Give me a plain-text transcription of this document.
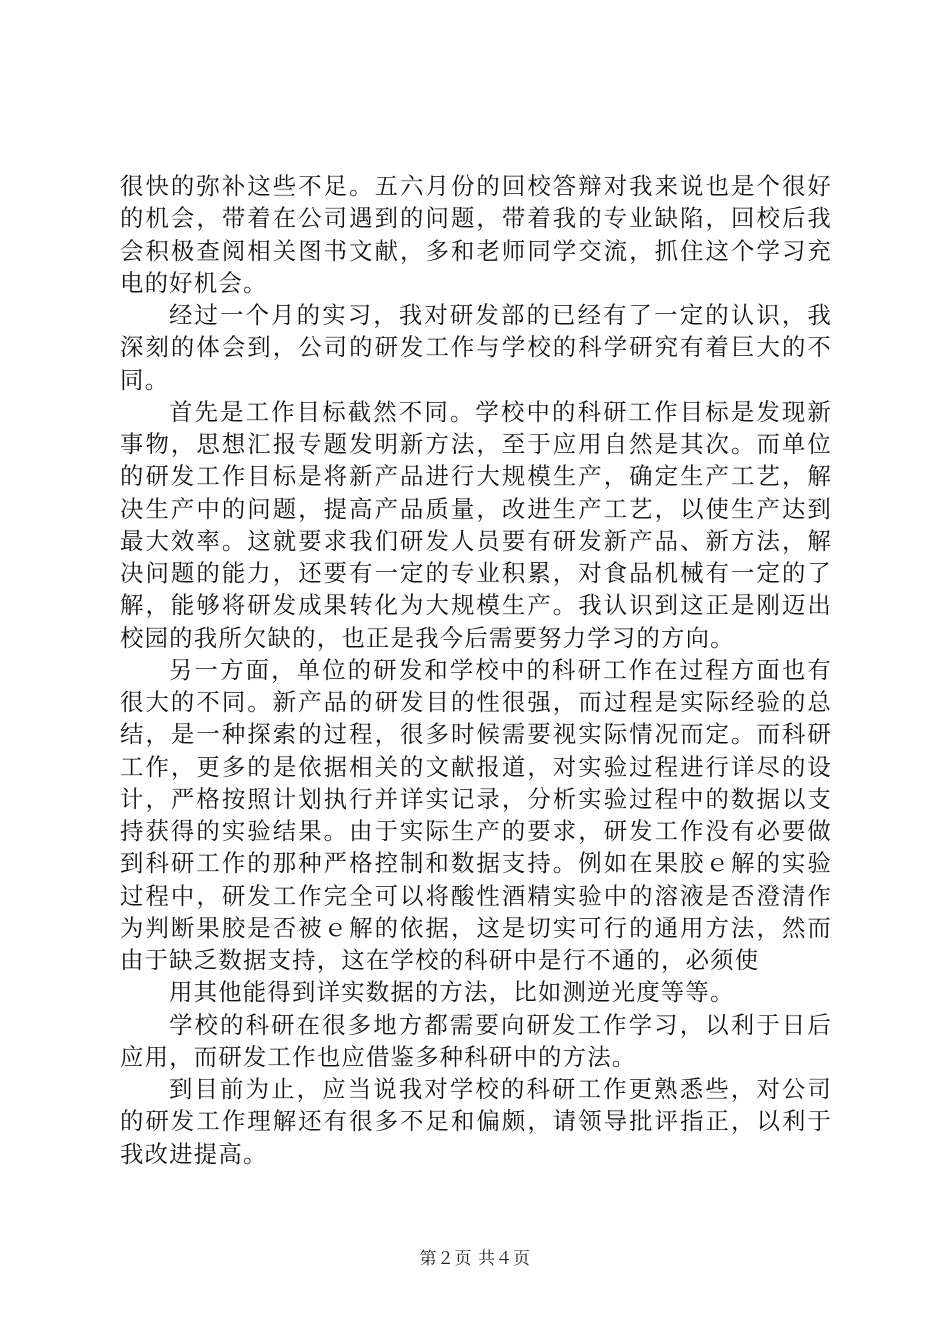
很快的弥补这些不足。五六月份的回校答辩对我来说也是个很好的机会，带着在公司遇到的问题，带着我的专业缺陷，回校后我会积极查阅相关图书文献，多和老师同学交流，抓住这个学习充电的好机会。

经过一个月的实习，我对研发部的已经有了一定的认识，我深刻的体会到，公司的研发工作与学校的科学研究有着巨大的不同。

首先是工作目标截然不同。学校中的科研工作目标是发现新事物，思想汇报专题发明新方法，至于应用自然是其次。而单位的研发工作目标是将新产品进行大规模生产，确定生产工艺，解决生产中的问题，提高产品质量，改进生产工艺，以使生产达到最大效率。这就要求我们研发人员要有研发新产品、新方法，解决问题的能力，还要有一定的专业积累，对食品机械有一定的了解，能够将研发成果转化为大规模生产。我认识到这正是刚迈出校园的我所欠缺的，也正是我今后需要努力学习的方向。

另一方面，单位的研发和学校中的科研工作在过程方面也有很大的不同。新产品的研发目的性很强，而过程是实际经验的总结，是一种探索的过程，很多时候需要视实际情况而定。而科研工作，更多的是依据相关的文献报道，对实验过程进行详尽的设计，严格按照计划执行并详实记录，分析实验过程中的数据以支持获得的实验结果。由于实际生产的要求，研发工作没有必要做到科研工作的那种严格控制和数据支持。例如在果胶ｅ解的实验过程中，研发工作完全可以将酸性酒精实验中的溶液是否澄清作为判断果胶是否被ｅ解的依据，这是切实可行的通用方法，然而由于缺乏数据支持，这在学校的科研中是行不通的，必须使

用其他能得到详实数据的方法，比如测逆光度等等。

学校的科研在很多地方都需要向研发工作学习，以利于日后应用，而研发工作也应借鉴多种科研中的方法。

到目前为止，应当说我对学校的科研工作更熟悉些，对公司的研发工作理解还有很多不足和偏颇，请领导批评指正，以利于我改进提高。

第２页 共４页
